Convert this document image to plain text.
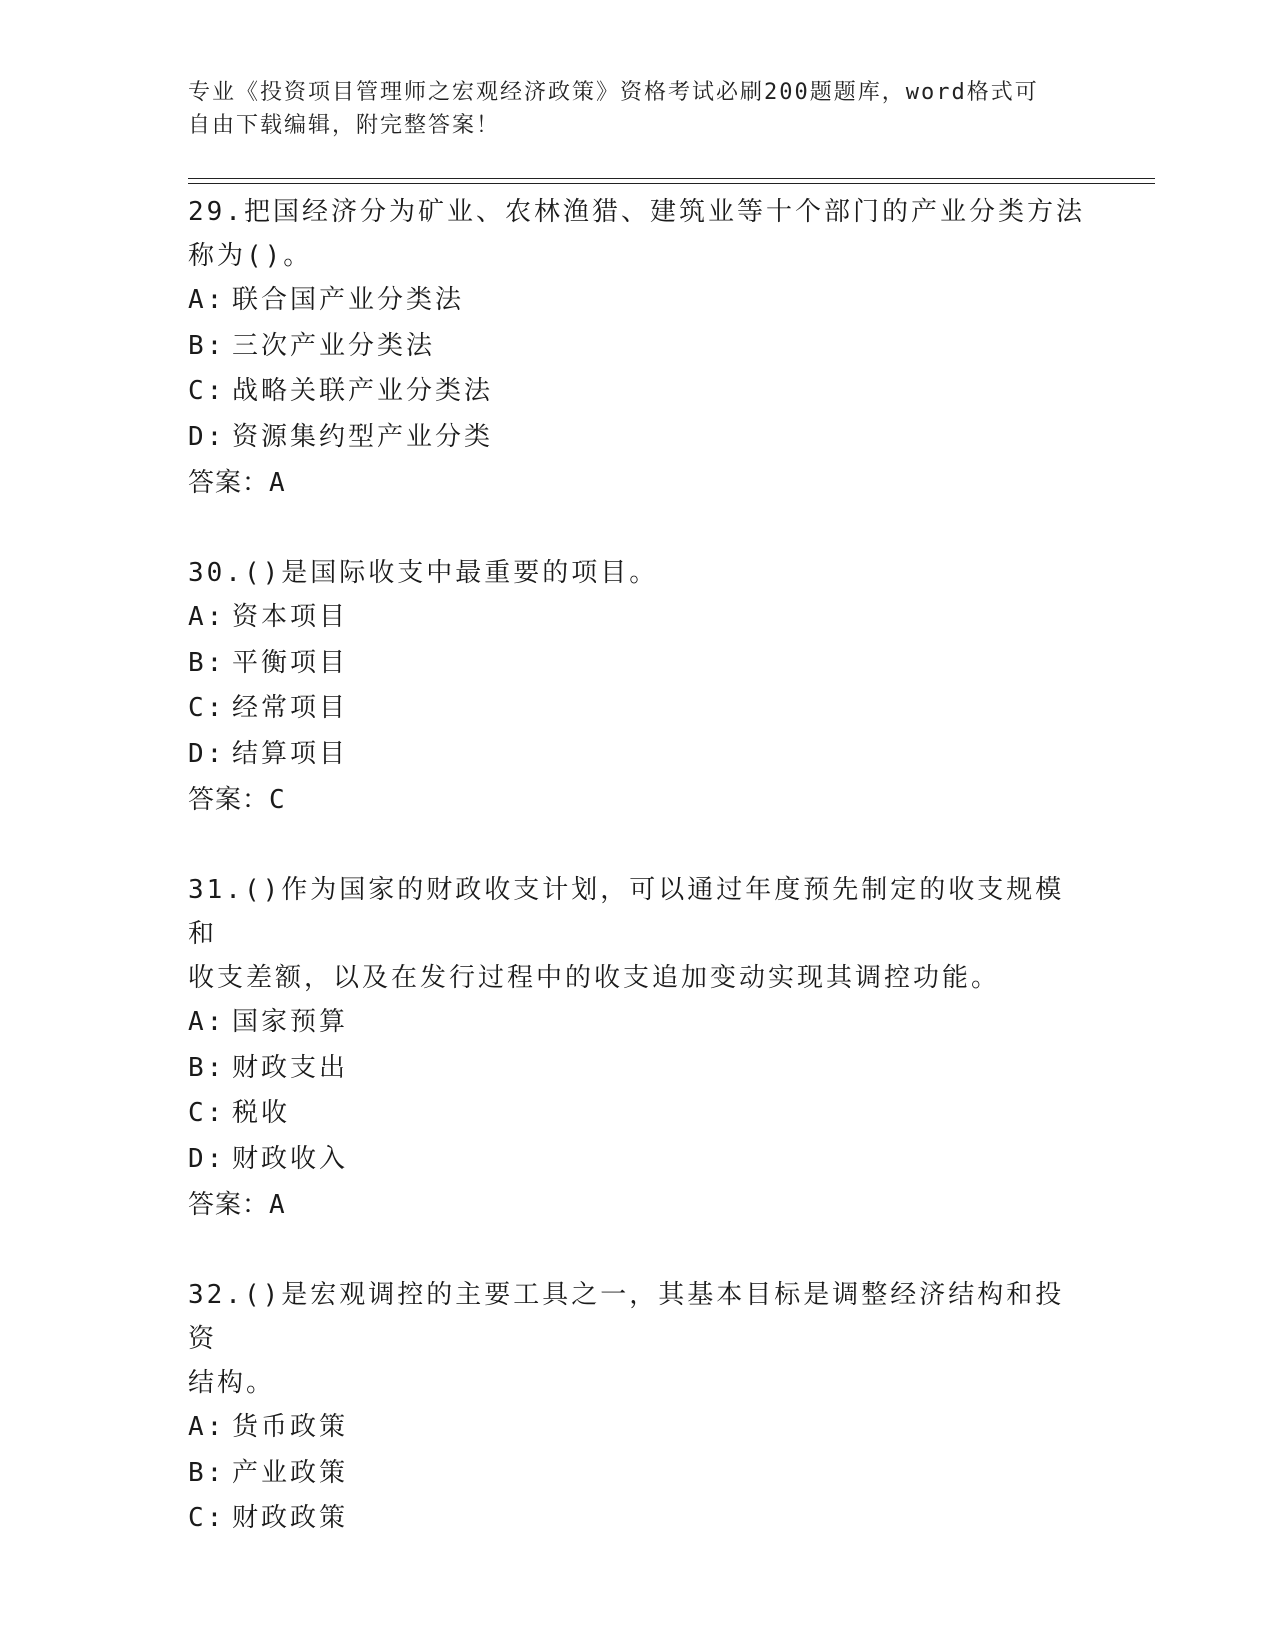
专业《投资项目管理师之宏观经济政策》资格考试必刷200题题库，word格式可
自由下载编辑，附完整答案！

29.把国经济分为矿业、农林渔猎、建筑业等十个部门的产业分类方法

称为()。

A: 联合国产业分类法

B: 三次产业分类法

C: 战略关联产业分类法

D: 资源集约型产业分类

答案：A

30.()是国际收支中最重要的项目。

A: 资本项目

B: 平衡项目

C: 经常项目

D: 结算项目

答案：C

31.()作为国家的财政收支计划，可以通过年度预先制定的收支规模和

收支差额，以及在发行过程中的收支追加变动实现其调控功能。

A: 国家预算

B: 财政支出

C: 税收

D: 财政收入

答案：A

32.()是宏观调控的主要工具之一，其基本目标是调整经济结构和投资

结构。

A: 货币政策

B: 产业政策

C: 财政政策
